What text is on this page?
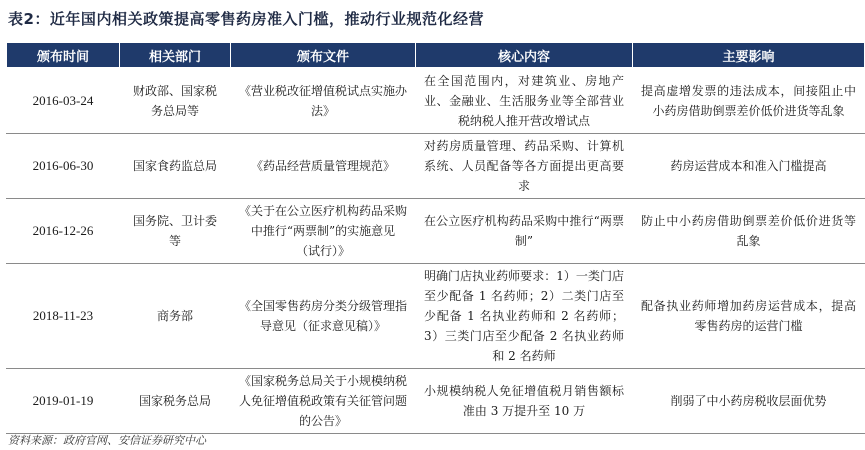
表2：近年国内相关政策提高零售药房准入门槛，推动行业规范化经营
颁布时间	相关部门	颁布文件	核心内容	主要影响
2016-03-24	财政部、国家税务总局等	《营业税改征增值税试点实施办法》	在全国范围内，对建筑业、房地产业、金融业、生活服务业等全部营业税纳税人推开营改增试点	提高虚增发票的违法成本，间接阻止中小药房借助倒票差价低价进货等乱象
2016-06-30	国家食药监总局	《药品经营质量管理规范》	对药房质量管理、药品采购、计算机系统、人员配备等各方面提出更高要求	药房运营成本和准入门槛提高
2016-12-26	国务院、卫计委等	《关于在公立医疗机构药品采购中推行“两票制”的实施意见（试行）》	在公立医疗机构药品采购中推行“两票制”	防止中小药房借助倒票差价低价进货等乱象
2018-11-23	商务部	《全国零售药房分类分级管理指导意见（征求意见稿）》	明确门店执业药师要求：1）一类门店至少配备 1 名药师；2）二类门店至少配备 1 名执业药师和 2 名药师；3）三类门店至少配备 2 名执业药师和 2 名药师	配备执业药师增加药房运营成本，提高零售药房的运营门槛
2019-01-19	国家税务总局	《国家税务总局关于小规模纳税人免征增值税政策有关征管问题的公告》	小规模纳税人免征增值税月销售额标准由 3 万提升至 10 万	削弱了中小药房税收层面优势
资料来源：政府官网、安信证券研究中心
